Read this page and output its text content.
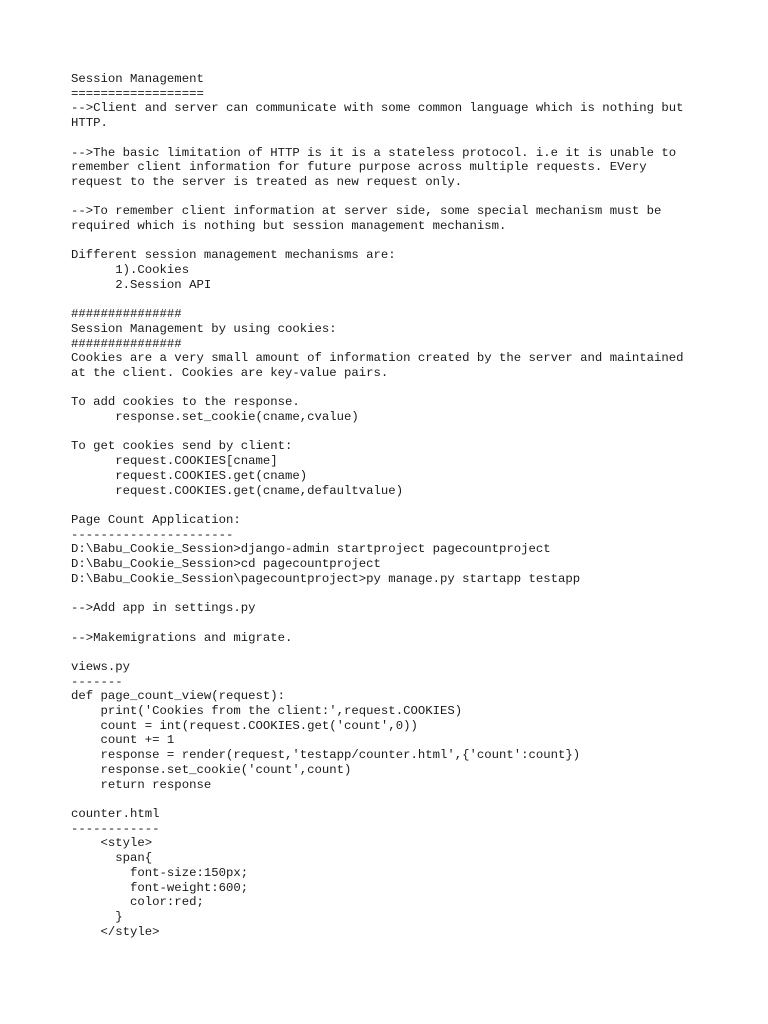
Session Management
==================
-->Client and server can communicate with some common language which is nothing but
HTTP.
-->The basic limitation of HTTP is it is a stateless protocol. i.e it is unable to
remember client information for future purpose across multiple requests. EVery
request to the server is treated as new request only.
-->To remember client information at server side, some special mechanism must be
required which is nothing but session management mechanism.
Different session management mechanisms are:
1).Cookies
2.Session API
###############
Session Management by using cookies:
###############
Cookies are a very small amount of information created by the server and maintained
at the client. Cookies are key-value pairs.
To add cookies to the response.
response.set_cookie(cname,cvalue)
To get cookies send by client:
request.COOKIES[cname]
request.COOKIES.get(cname)
request.COOKIES.get(cname,defaultvalue)
Page Count Application:
----------------------
D:\Babu_Cookie_Session>django-admin startproject pagecountproject
D:\Babu_Cookie_Session>cd pagecountproject
D:\Babu_Cookie_Session\pagecountproject>py manage.py startapp testapp
-->Add app in settings.py
-->Makemigrations and migrate.
views.py
-------
def page_count_view(request):
print('Cookies from the client:',request.COOKIES)
count = int(request.COOKIES.get('count',0))
count += 1
response = render(request,'testapp/counter.html',{'count':count})
response.set_cookie('count',count)
return response
counter.html
------------
<style>
span{
font-size:150px;
font-weight:600;
color:red;
}
</style>
